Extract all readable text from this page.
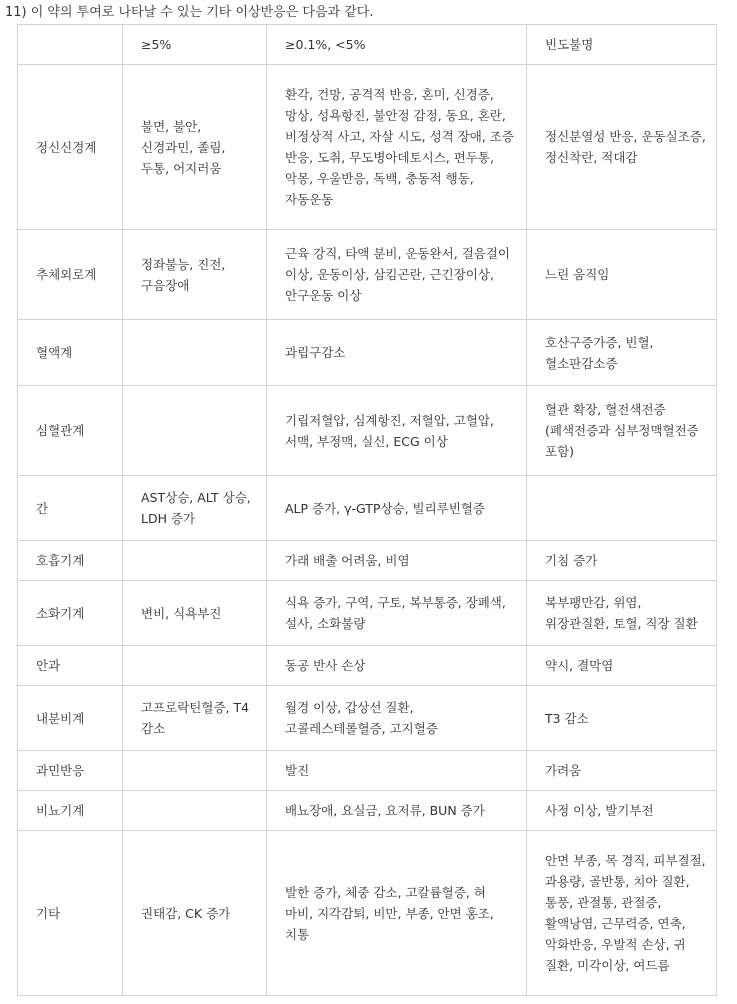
11) 이 약의 투여로 나타날 수 있는 기타 이상반응은 다음과 같다.
	≥5%	≥0.1%, <5%	빈도불명
정신신경계	불면, 불안, 신경과민, 졸림, 두통, 어지러움	환각, 건망, 공격적 반응, 혼미, 신경증, 망상, 성욕항진, 불안정 감정, 동요, 혼란, 비정상적 사고, 자살 시도, 성격 장애, 조증 반응, 도취, 무도병아데토시스, 편두통, 악몽, 우울반응, 독백, 충동적 행동, 자동운동	정신분열성 반응, 운동실조증, 정신착란, 적대감
추체외로계	정좌불능, 진전, 구음장애	근육 강직, 타액 분비, 운동완서, 걸음걸이 이상, 운동이상, 삼킴곤란, 근긴장이상, 안구운동 이상	느린 움직임
혈액계		과립구감소	호산구증가증, 빈혈, 혈소판감소증
심혈관계		기립저혈압, 심계항진, 저혈압, 고혈압, 서맥, 부정맥, 실신, ECG 이상	혈관 확장, 혈전색전증(폐색전증과 심부정맥혈전증 포함)
간	AST상승, ALT 상승, LDH 증가	ALP 증가, γ-GTP상승, 빌리루빈혈증	
호흡기계		가래 배출 어려움, 비염	기침 증가
소화기계	변비, 식욕부진	식욕 증가, 구역, 구토, 복부통증, 장폐색, 설사, 소화불량	복부팽만감, 위염, 위장관질환, 토혈, 직장 질환
안과		동공 반사 손상	약시, 결막염
내분비계	고프로락틴혈증, T4 감소	월경 이상, 갑상선 질환, 고콜레스테롤혈증, 고지혈증	T3 감소
과민반응		발진	가려움
비뇨기계		배뇨장애, 요실금, 요저류, BUN 증가	사정 이상, 발기부전
기타	권태감, CK 증가	발한 증가, 체중 감소, 고칼륨혈증, 혀 마비, 지각감퇴, 비만, 부종, 안면 홍조, 치통	안면 부종, 목 경직, 피부결절, 과용량, 골반통, 치아 질환, 통풍, 관절통, 관절증, 활액낭염, 근무력증, 연축, 악화반응, 우발적 손상, 귀 질환, 미각이상, 여드름
